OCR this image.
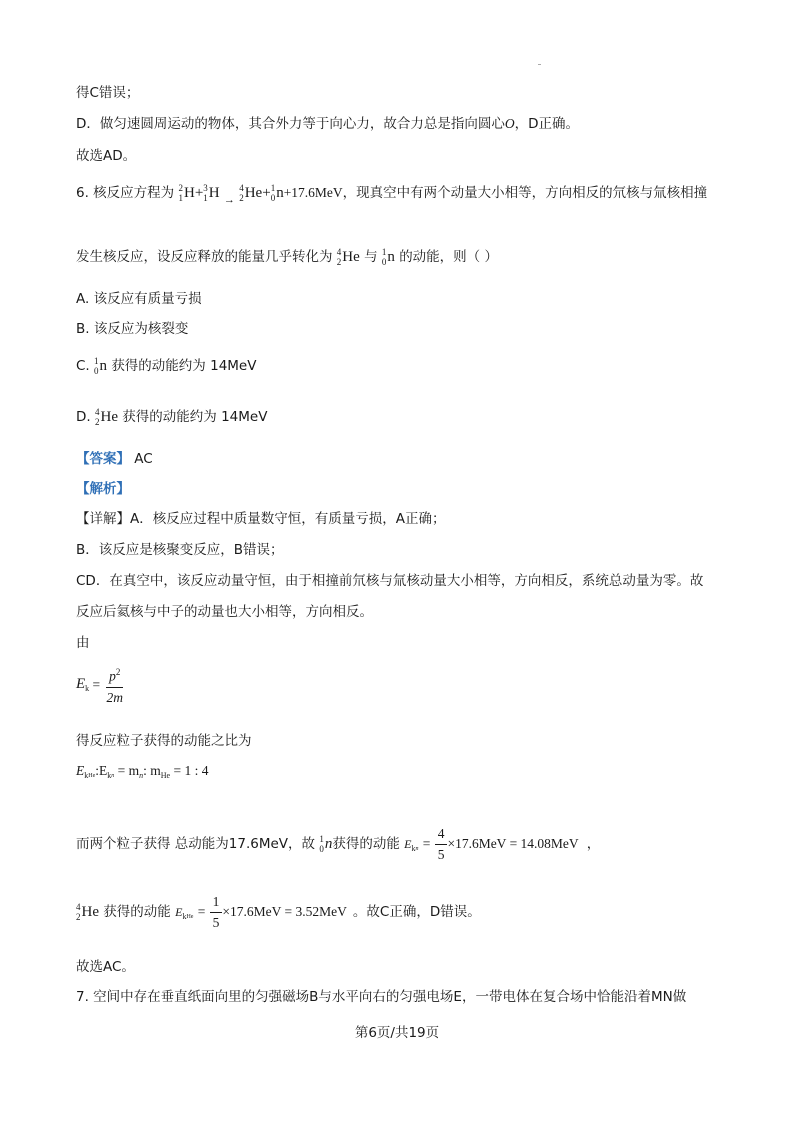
得C错误；
D．做匀速圆周运动的物体，其合外力等于向心力，故合力总是指向圆心O，D正确。
故选AD。
6. 核反应方程为 2
1 H+ 3
1 H $_\to$
4
2 He+ 1
0 n+17.6MeV，现真空中有两个动量大小相等，方向相反的氘核与氚核相撞
发生核反应，设反应释放的能量几乎转化为 4
2 He 与 1
0 n 的动能，则（ ）
A. 该反应有质量亏损
B. 该反应为核裂变
C. 1
0 n 获得的动能约为 14MeV
D. 4
2 He 获得的动能约为 14MeV
【答案】 AC
【解析】
【详解】A．核反应过程中质量数守恒，有质量亏损，A正确；
B．该反应是核聚变反应，B错误；
CD．在真空中，该反应动量守恒，由于相撞前氘核与氚核动量大小相等，方向相反，系统总动量为零。故
反应后氦核与中子的动量也大小相等，方向相反。
由
$E_k = \frac{p^2}{2m}$
得反应粒子获得的动能之比为
$E_kHe:E_kn = m_n$: $m_{He} = 1$ : 4
而两个粒子获得 总动能为17.6MeV，故 1
0 n获得的动能 $E_kn = \frac{4}{5} \times 17.6MeV = 14.08MeV$ ，
4
2 He 获得的动能 $E_kHe = \frac{1}{5} \times 17.6MeV = 3.52MeV$ 。故C正确，D错误。
故选AC。
7. 空间中存在垂直纸面向里的匀强磁场B与水平向右的匀强电场E，一带电体在复合场中恰能沿着MN做
第6页/共19页
